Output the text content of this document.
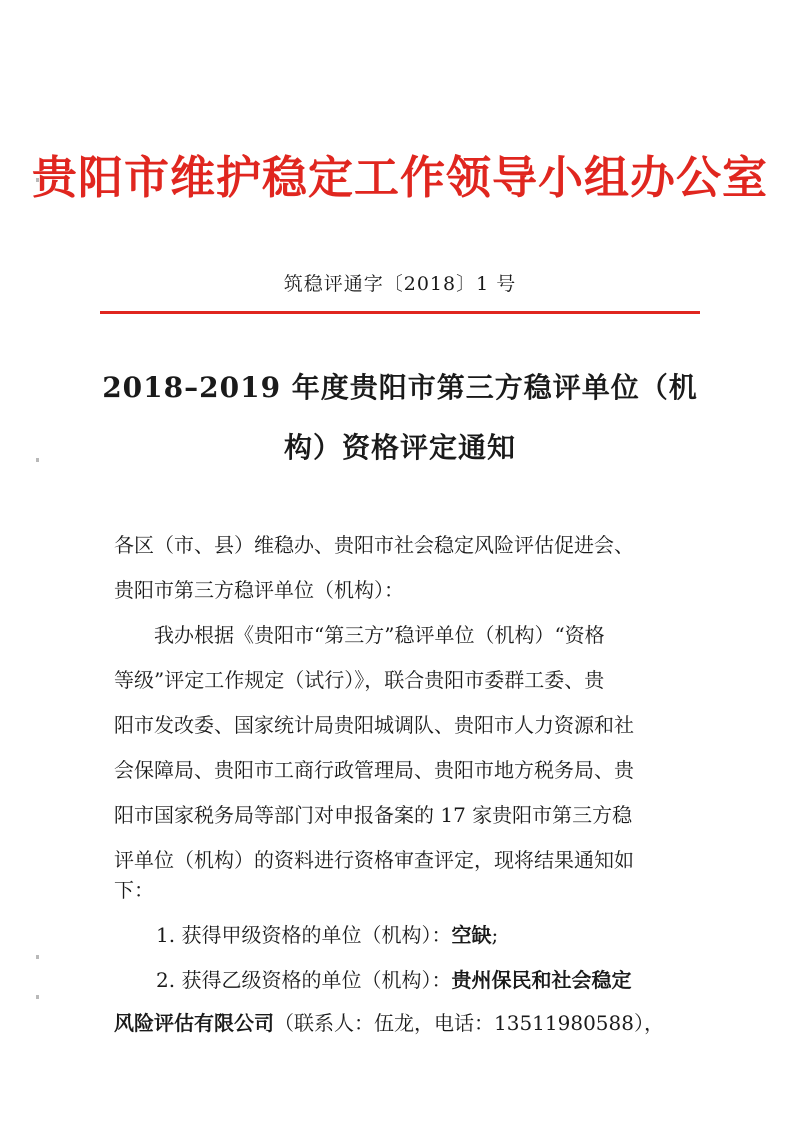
贵阳市维护稳定工作领导小组办公室
筑稳评通字〔2018〕1 号
2018–2019 年度贵阳市第三方稳评单位（机
构）资格评定通知
各区（市、县）维稳办、贵阳市社会稳定风险评估促进会、
贵阳市第三方稳评单位（机构）：
我办根据《贵阳市“第三方”稳评单位（机构）“资格
等级”评定工作规定（试行）》，联合贵阳市委群工委、贵
阳市发改委、国家统计局贵阳城调队、贵阳市人力资源和社
会保障局、贵阳市工商行政管理局、贵阳市地方税务局、贵
阳市国家税务局等部门对申报备案的 17 家贵阳市第三方稳
评单位（机构）的资料进行资格审查评定，现将结果通知如
下：
1. 获得甲级资格的单位（机构）：空缺;
2. 获得乙级资格的单位（机构）：贵州保民和社会稳定
风险评估有限公司（联系人：伍龙，电话：13511980588），
